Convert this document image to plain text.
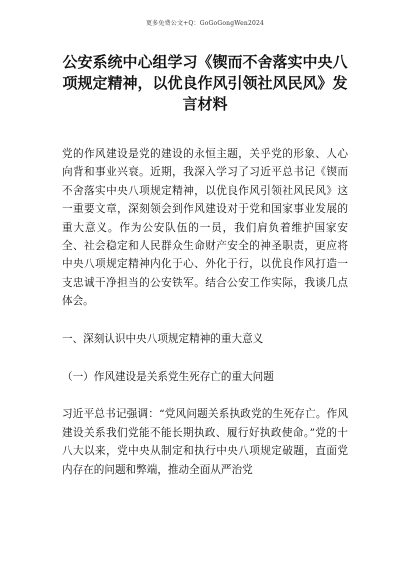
更多免费公文+Q：GoGoGongWen2024
公安系统中心组学习《锲而不舍落实中央八项规定精神，以优良作风引领社风民风》发言材料

党的作风建设是党的建设的永恒主题，关乎党的形象、人心向背和事业兴衰。近期，我深入学习了习近平总书记《锲而不舍落实中央八项规定精神，以优良作风引领社风民风》这一重要文章，深刻领会到作风建设对于党和国家事业发展的重大意义。作为公安队伍的一员，我们肩负着维护国家安全、社会稳定和人民群众生命财产安全的神圣职责，更应将中央八项规定精神内化于心、外化于行，以优良作风打造一支忠诚干净担当的公安铁军。结合公安工作实际，我谈几点体会。

一、深刻认识中央八项规定精神的重大意义

（一）作风建设是关系党生死存亡的重大问题

习近平总书记强调：“党风问题关系执政党的生死存亡。作风建设关系我们党能不能长期执政、履行好执政使命。”党的十八大以来，党中央从制定和执行中央八项规定破题，直面党内存在的问题和弊端，推动全面从严治党
